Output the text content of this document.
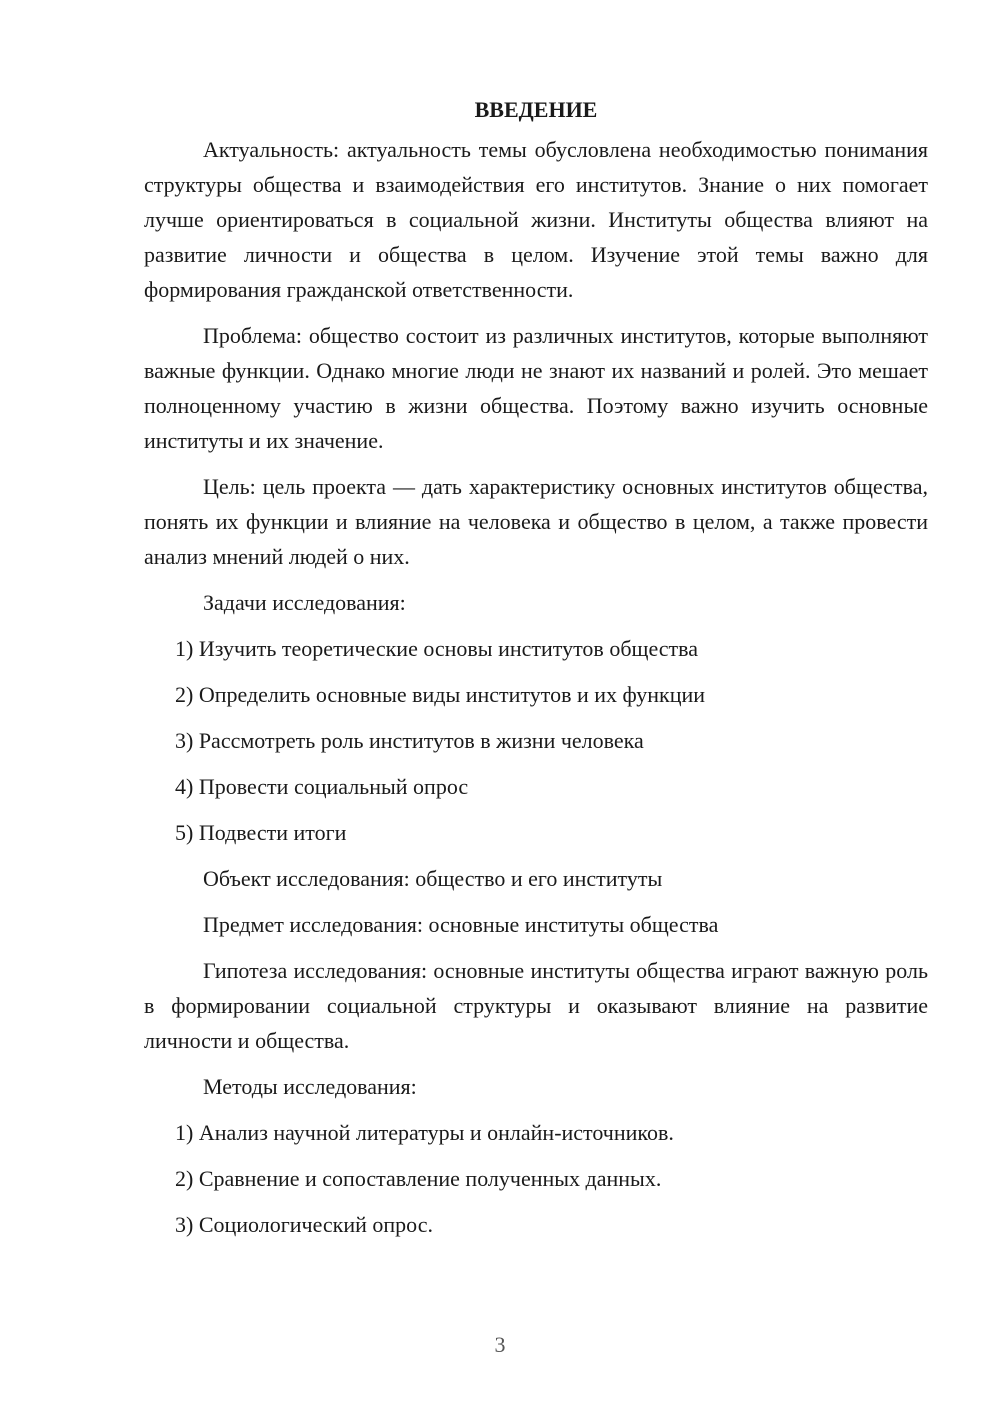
ВВЕДЕНИЕ

Актуальность: актуальность темы обусловлена необходимостью понимания структуры общества и взаимодействия его институтов. Знание о них помогает лучше ориентироваться в социальной жизни. Институты общества влияют на развитие личности и общества в целом. Изучение этой темы важно для формирования гражданской ответственности.

Проблема: общество состоит из различных институтов, которые выполняют важные функции. Однако многие люди не знают их названий и ролей. Это мешает полноценному участию в жизни общества. Поэтому важно изучить основные институты и их значение.

Цель: цель проекта — дать характеристику основных институтов общества, понять их функции и влияние на человека и общество в целом, а также провести анализ мнений людей о них.

Задачи исследования:

1) Изучить теоретические основы институтов общества
2) Определить основные виды институтов и их функции
3) Рассмотреть роль институтов в жизни человека
4) Провести социальный опрос
5) Подвести итоги

Объект исследования: общество и его институты

Предмет исследования: основные институты общества

Гипотеза исследования: основные институты общества играют важную роль в формировании социальной структуры и оказывают влияние на развитие личности и общества.

Методы исследования:

1) Анализ научной литературы и онлайн-источников.
2) Сравнение и сопоставление полученных данных.
3) Социологический опрос.
3
